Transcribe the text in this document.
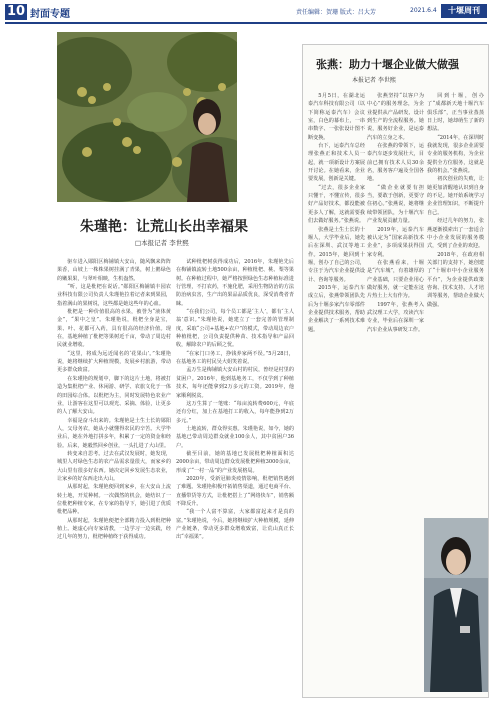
10 封面专题	责任编辑：贺珊 版式：吕大芳	2021.6.4	十堰周刊
朱瑾艳：让荒山长出幸福果
□本报记者 李世熙

驱车进入郧阳区梅铺镇大安山，随风飘来阵阵果香，山坡上一株株果树挂满了青果，树上鹅绿色的嫩果果，与翠叶相映，生机盎然。

“听，这是枇杷在说话。”郧阳区梅铺镇丰园农业科技有限公司负责人朱瑾艳拉着记者来到果园，指着满山的果树说，这些都是她这些年的心血。

枇杷是一种价值很高的水果，被誉为“液体黄金”，“果中之皇”。朱瑾艳说，枇杷全身是宝，果、叶、花都可入药，具有很高的经济价值。现在，基地种植了枇杷等果树近千亩，带动了周边村民就业增收。

“这里，将成为远近闻名的‘花果山’。”朱瑾艳说，她将继续扩大种植规模，发展乡村旅游，带动更多群众致富。

在朱瑾艳的规划中，脚下的这片土地，将被打造为集枇杷产业、休闲游、研学、农旅文化于一体的田园综合体。以枇杷为主，同时发展特色农业产业，让游客在这里可以观光、采摘、体验，让更多的人了解大安山。

幸福是奋斗出来的。朱瑾艳是土生土长的郧阳人，父母务农，她从小就懂得农民的辛苦。大学毕业后，她在外地打拼多年，积累了一定的资金和经验。后来，她毅然回乡创业，一头扎进了大山里。

转变来自思考。过去在武汉发展时，她发现，城里人对绿色生态的农产品需求量很大，而家乡的大山里有很多好东西。她决定回乡发展生态农业，让家乡的好东西走出大山。

从那时起，朱瑾艳便回到家乡，在大安山上流转土地，开荒种树。一次偶然的机会，她结识了一位枇杷种植专家，在专家的指导下，她引进了优质枇杷品种。

从那时起，朱瑾艳便把全部精力投入到枇杷种植上。她虚心向专家请教，一边学习一边实践，经过几年的努力，枇杷种植终于获得成功。

试种枇杷树获得成功后，2016年，朱瑾艳先后在梅铺镇流转土地500余亩，种植枇杷、桃、梨等果树。在种植过程中，她严格按照绿色生态种植标准进行管理，不打农药，不施化肥，采用生物防治的方法防治病虫害，生产出的果品品质优良，深受消费者青睐。

“在我们公司，每个员工都是‘主人’，都有‘主人翁’意识。”朱瑾艳说，她建立了一套完善的管理制度，采取“公司+基地+农户”的模式，带动周边农户种植枇杷，公司负责提供种苗、技术指导和产品回收，解除农户的后顾之忧。

“在家门口务工，挣钱养家两不误。”5月28日，在基地务工的村民吴大姐笑着说。

孟万生是梅铺镇大安山村的村民，曾经是村里的贫困户。2016年，他到基地务工，不仅学到了种植技术，每年还能拿到2万多元的工资。2019年，他家顺利脱贫。

这万生算了一笔账：“每亩流转费600元，年底还有分红，加上在基地打工的收入，每年能挣到2万多元。”

土地流转，群众得实惠。朱瑾艳说，如今，她的基地已带动周边群众就业100余人，其中贫困户36户。

截至目前，她的基地已发展枇杷种植面积达2000余亩，带动周边群众发展枇杷种植3000余亩，形成了“一村一品”的产业发展格局。

2020年，受新冠肺炎疫情影响，枇杷销售遇到了难题。朱瑾艳积极开拓销售渠道，通过电商平台、直播带货等方式，让枇杷搭上了“网络快车”，销售额不降反升。

“我一个人富不算富，大家都富起来才是真的富。”朱瑾艳说，今后，她将继续扩大种植规模，延伸产业链条，带动更多群众增收致富，让荒山真正长出“幸福果”。

张燕：助力十堰企业做大做强
本报记者 李世熙

5月5日，在湖北运泰汽车科技有限公司（以下简称运泰汽车）会议室，白色的幕布上，一串串数字、一张张设计图不断变换。

台下，运泰汽车总经理张燕正和技术人员一起，就一项新设计方案展开讨论。在她看来，企业要发展，创新是关键。

“过去，很多企业家只懂干，不懂宣传，很多好产品好技术，都没能被更多人了解，这就需要我们去做好服务。”张燕说。

张燕是土生土长的十堰人，大学毕业后，她先后在深圳、武汉等地工作。2015年，她回到十堰，创办了自己的公司，专注于为汽车企业提供设计、咨询等服务。

2015年，运泰汽车成立后，张燕带领团队先后为十堰多家汽车零部件企业提供技术服务，帮助企业解决了一系列技术难题。

张燕坚持“以客户为中心”的服务理念，为企业提供从产品研发、设计到生产的全流程服务。她说，服务好企业，是运泰汽车的立身之本。

在张燕的带领下，运泰汽车逐步发展壮大，目前已拥有技术人员30余名，服务客户遍及全国各地。

“做企业就要有担当，要敢于创新，更要守住初心。”张燕说，她将继续带领团队，为十堰汽车产业发展贡献力量。

2019年，运泰汽车被认定为“国家高新技术企业”，多项成果获得国家专利。

在张燕看来，十堰是“汽车城”，有着雄厚的产业基础，只要企业用心做好服务，就一定能在这片热土上大有作为。

1997年，张燕考入武汉理工大学，攻读汽车专业，毕业后在深圳一家汽车企业从事研发工作。

回到十堰，创办了“成都新天地十堰汽车俱乐部”，正当事业蒸蒸日上时，她却萌生了新的想法。

“2014年，在深圳时我就发现，很多企业需要专业的服务机构，为企业提供全方位服务，这就是我的机会。”张燕说。

初次创业的失败，让她更加清醒地认识到自身的不足。她开始系统学习企业管理知识，不断提升自己。

经过几年的努力，张燕逐渐摸索出了一套适合中小企业发展的服务模式，受到了企业的欢迎。

2018年，在政府相关部门的支持下，她创建了“十堰市中小企业服务平台”，为企业提供政策咨询、技术支持、人才培训等服务，帮助企业做大做强。
